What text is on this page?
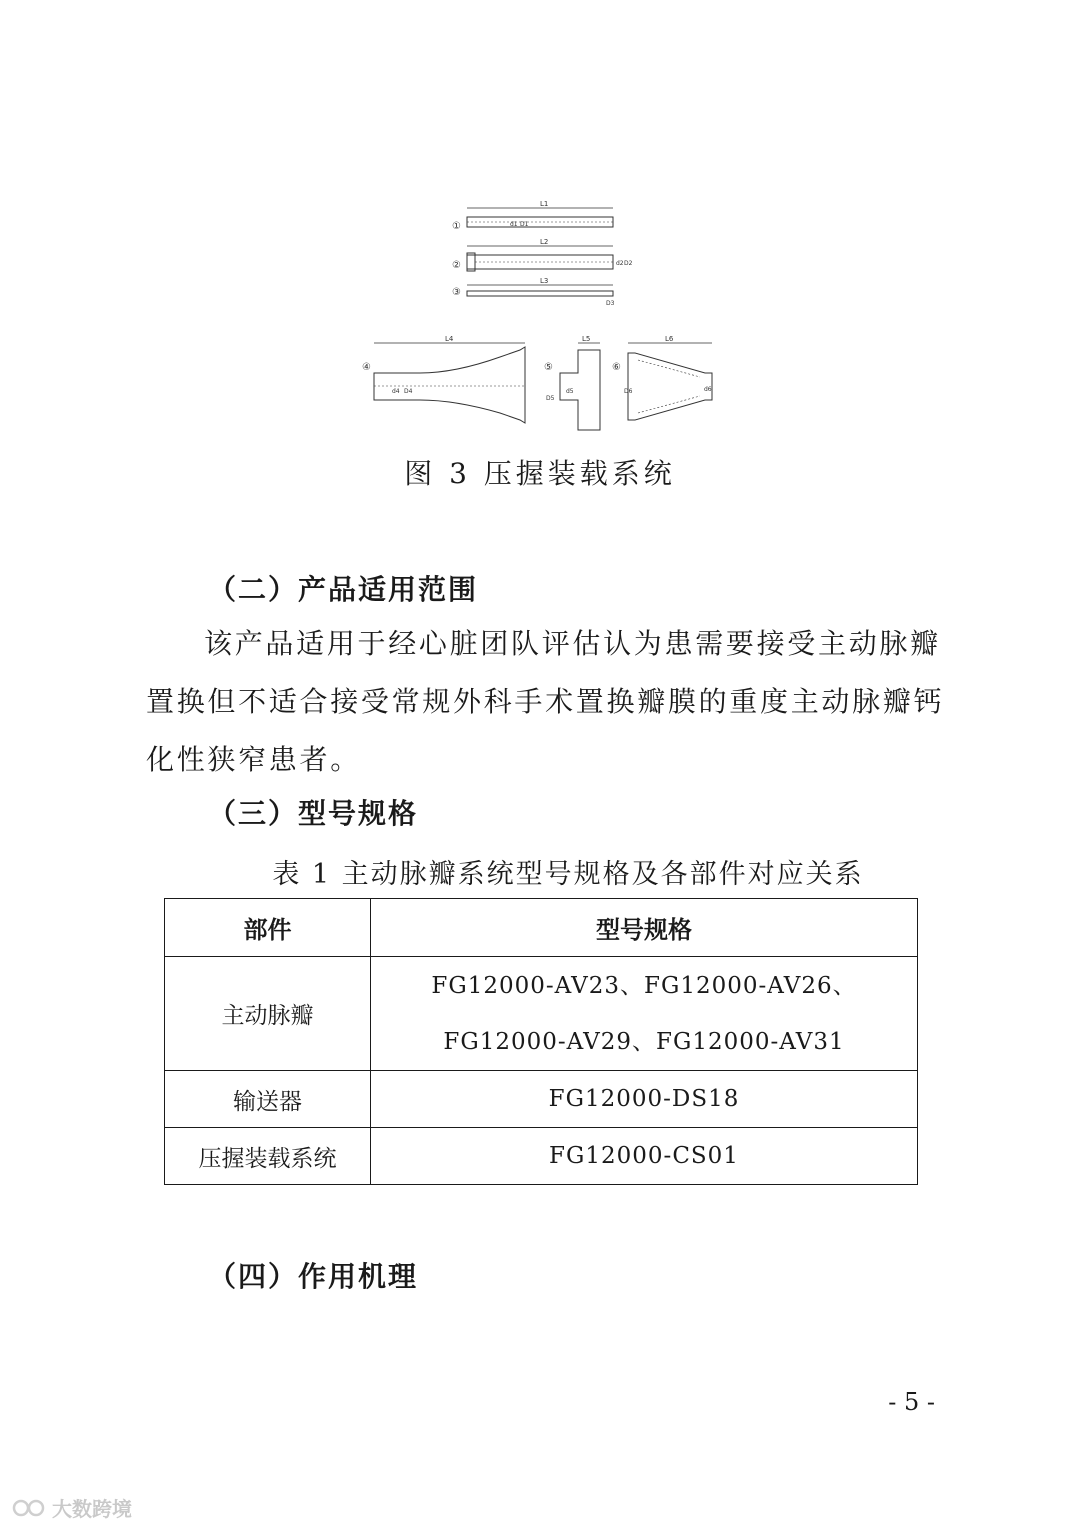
①
L1
d1 D1
②
L2
d2 D2
③
L3
D3
④
L4
d4 D4
⑤
L5
D5
d5
⑥
L6
D6	d6
图 3 压握装载系统
（二）产品适用范围
该产品适用于经心脏团队评估认为患需要接受主动脉瓣置换但不适合接受常规外科手术置换瓣膜的重度主动脉瓣钙化性狭窄患者。
（三）型号规格
表 1 主动脉瓣系统型号规格及各部件对应关系
部件	型号规格
主动脉瓣	FG12000-AV23、FG12000-AV26、
FG12000-AV29、FG12000-AV31

输送器	FG12000-DS18

压握装载系统	FG12000-CS01
（四）作用机理
- 5 -
大数跨境
